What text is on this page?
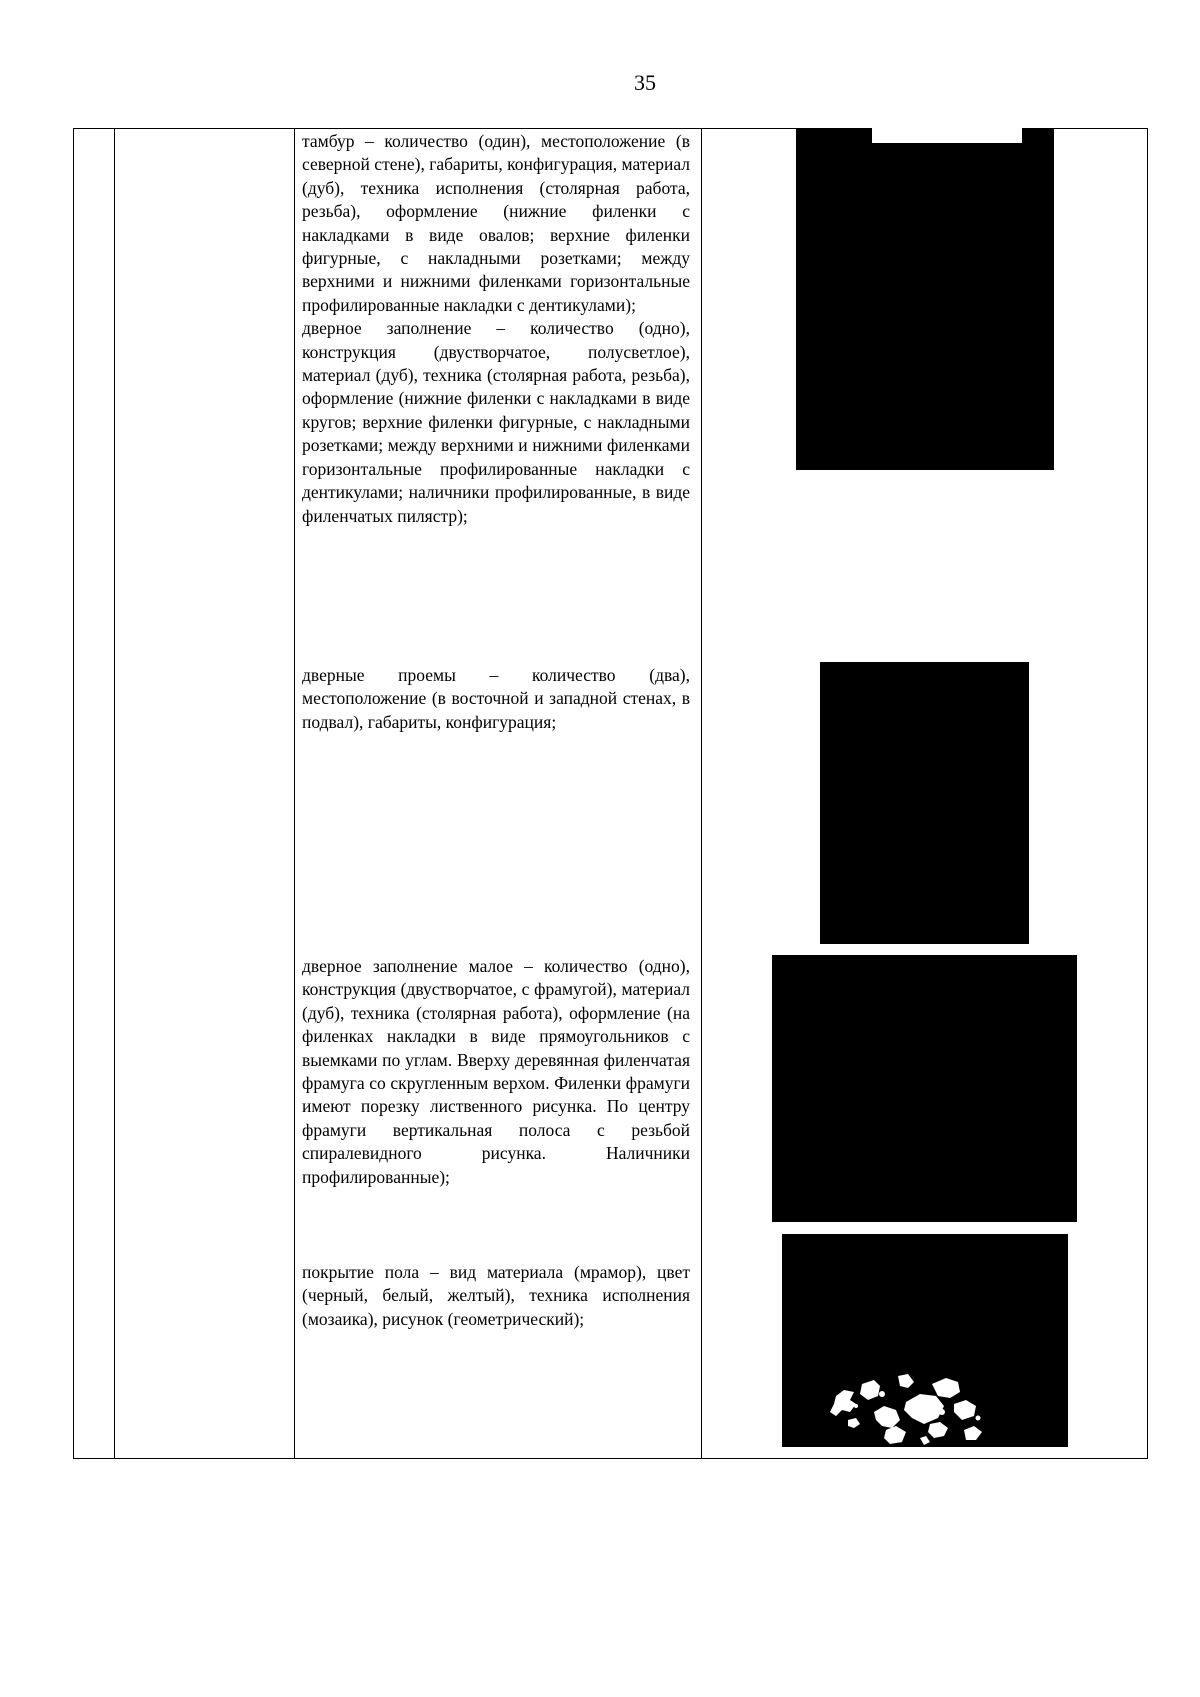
35

тамбур – количество (один), местоположение (в северной стене), габариты, конфигурация, материал (дуб), техника исполнения (столярная работа, резьба), оформление (нижние филенки с накладками в виде овалов; верхние филенки фигурные, с накладными розетками; между верхними и нижними филенками горизонтальные профилированные накладки с дентикулами);

дверное заполнение – количество (одно), конструкция (двустворчатое, полусветлое), материал (дуб), техника (столярная работа, резьба), оформление (нижние филенки с накладками в виде кругов; верхние филенки фигурные, с накладными розетками; между верхними и нижними филенками горизонтальные профилированные накладки с дентикулами; наличники профилированные, в виде филенчатых пилястр);

дверные проемы – количество (два), местоположение (в восточной и западной стенах, в подвал), габариты, конфигурация;

дверное заполнение малое – количество (одно), конструкция (двустворчатое, с фрамугой), материал (дуб), техника (столярная работа), оформление (на филенках накладки в виде прямоугольников с выемками по углам. Вверху деревянная филенчатая фрамуга со скругленным верхом. Филенки фрамуги имеют порезку лиственного рисунка. По центру фрамуги вертикальная полоса с резьбой спиралевидного рисунка. Наличники профилированные);

покрытие пола – вид материала (мрамор), цвет (черный, белый, желтый), техника исполнения (мозаика), рисунок (геометрический);
